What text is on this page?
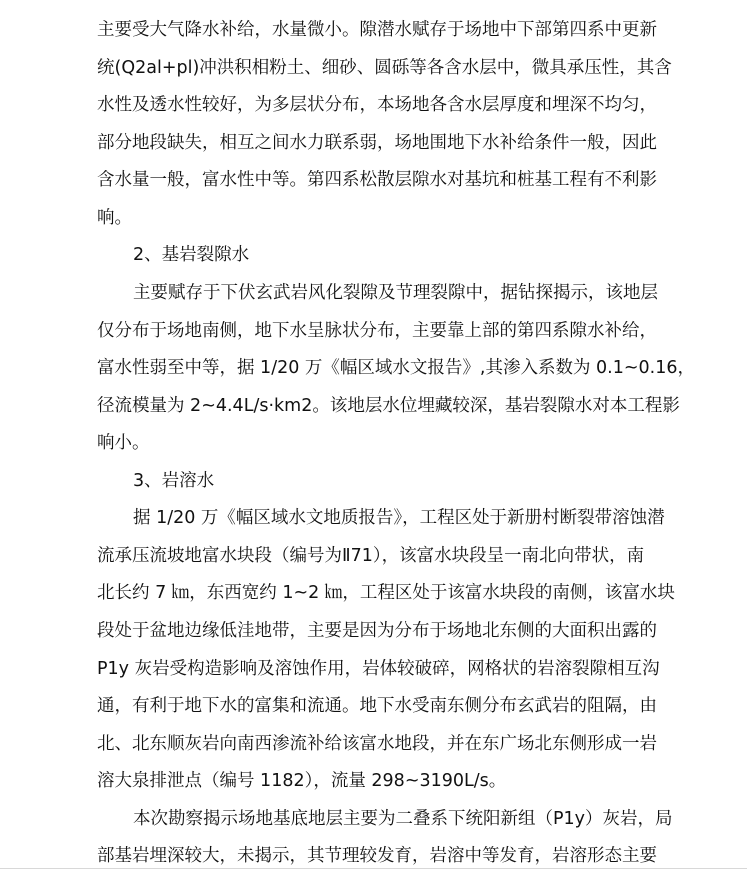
主要受大气降水补给，水量微小。隙潜水赋存于场地中下部第四系中更新
统(Q2al+pl)冲洪积相粉土、细砂、圆砾等各含水层中，微具承压性，其含
水性及透水性较好，为多层状分布，本场地各含水层厚度和埋深不均匀，
部分地段缺失，相互之间水力联系弱，场地围地下水补给条件一般，因此
含水量一般，富水性中等。第四系松散层隙水对基坑和桩基工程有不利影
响。
2、基岩裂隙水
主要赋存于下伏玄武岩风化裂隙及节理裂隙中，据钻探揭示，该地层
仅分布于场地南侧，地下水呈脉状分布，主要靠上部的第四系隙水补给，
富水性弱至中等，据 1/20 万《幅区域水文报告》,其渗入系数为 0.1~0.16，
径流模量为 2~4.4L/s·km2。该地层水位埋藏较深，基岩裂隙水对本工程影
响小。
3、岩溶水
据 1/20 万《幅区域水文地质报告》，工程区处于新册村断裂带溶蚀潜
流承压流坡地富水块段（编号为Ⅱ71），该富水块段呈一南北向带状，南
北长约 7 ㎞，东西宽约 1~2 ㎞，工程区处于该富水块段的南侧，该富水块
段处于盆地边缘低洼地带，主要是因为分布于场地北东侧的大面积出露的
P1y 灰岩受构造影响及溶蚀作用，岩体较破碎，网格状的岩溶裂隙相互沟
通，有利于地下水的富集和流通。地下水受南东侧分布玄武岩的阻隔，由
北、北东顺灰岩向南西渗流补给该富水地段，并在东广场北东侧形成一岩
溶大泉排泄点（编号 1182），流量 298~3190L/s。
本次勘察揭示场地基底地层主要为二叠系下统阳新组（P1y）灰岩，局
部基岩埋深较大，未揭示，其节理较发育，岩溶中等发育，岩溶形态主要
